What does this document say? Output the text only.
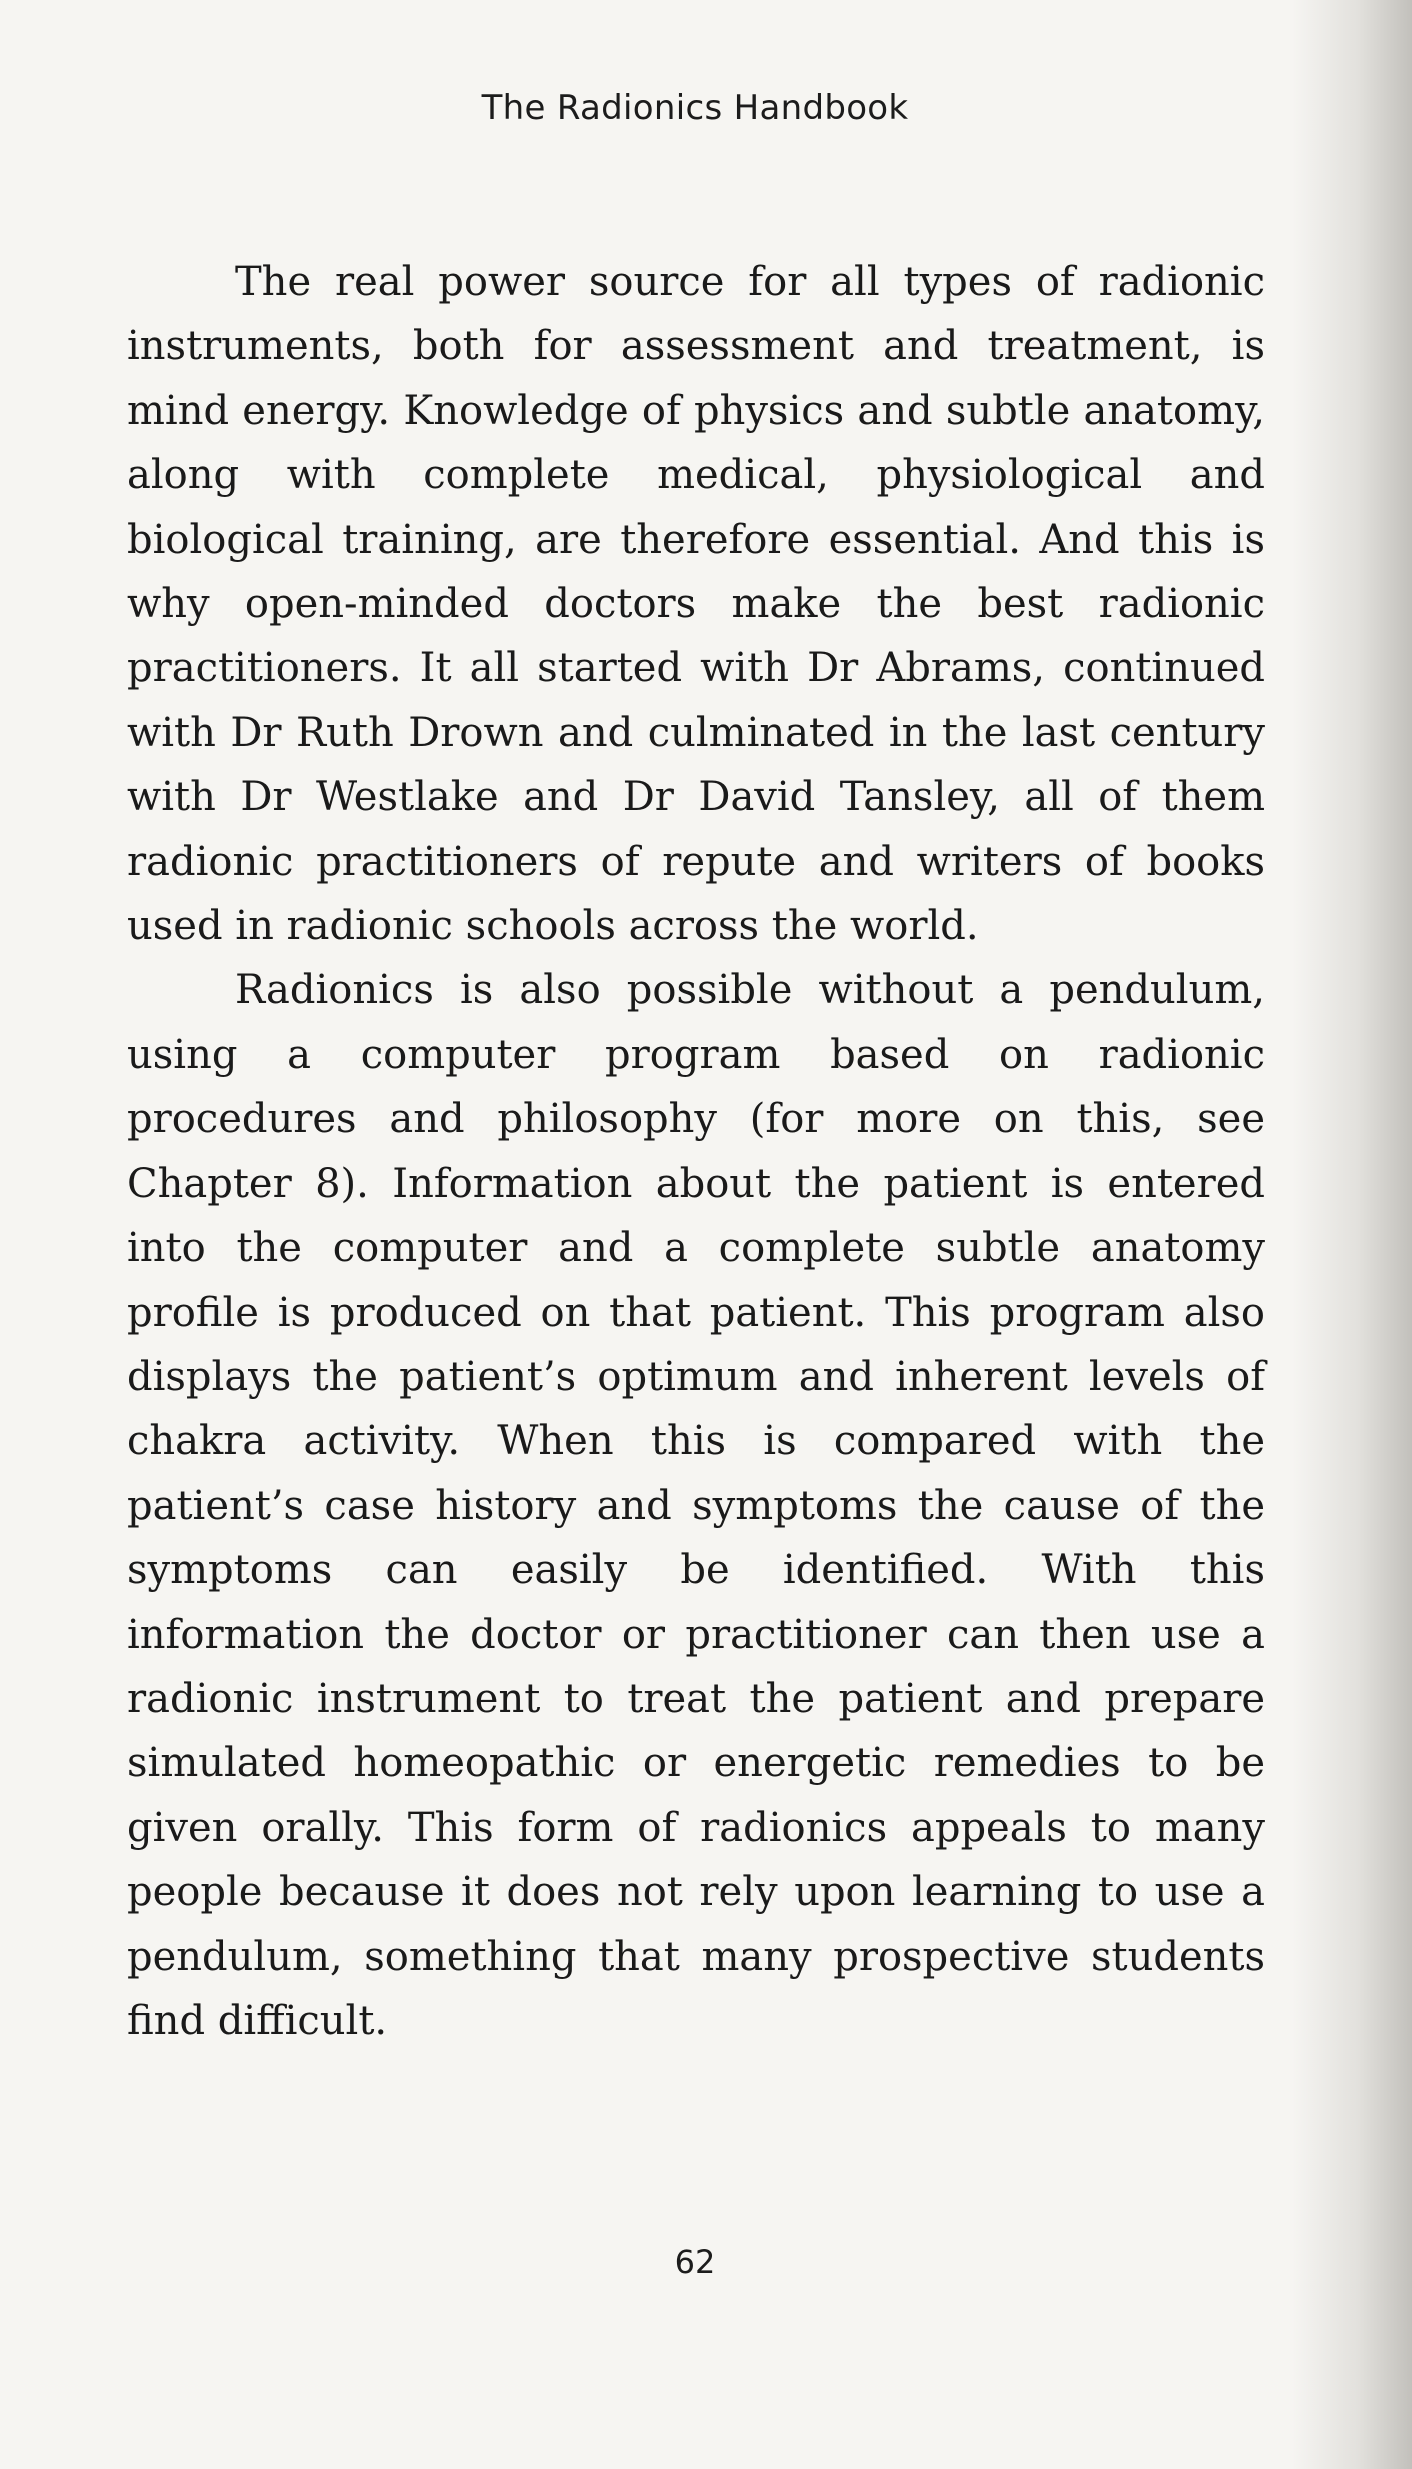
The Radionics Handbook

The real power source for all types of radionic instruments, both for assessment and treatment, is mind energy. Knowledge of physics and subtle anatomy, along with complete medical, physiological and biological training, are therefore essential. And this is why open-minded doctors make the best radionic practitioners. It all started with Dr Abrams, continued with Dr Ruth Drown and culminated in the last century with Dr Westlake and Dr David Tansley, all of them radionic practitioners of repute and writers of books used in radionic schools across the world.

Radionics is also possible without a pendulum, using a computer program based on radionic procedures and philosophy (for more on this, see Chapter 8). Information about the patient is entered into the computer and a complete subtle anatomy profile is produced on that patient. This program also displays the patient’s optimum and inherent levels of chakra activity. When this is compared with the patient’s case history and symptoms the cause of the symptoms can easily be identified. With this information the doctor or practitioner can then use a radionic instrument to treat the patient and prepare simulated homeopathic or energetic remedies to be given orally. This form of radionics appeals to many people because it does not rely upon learning to use a pendulum, something that many prospective students find difficult.

62
